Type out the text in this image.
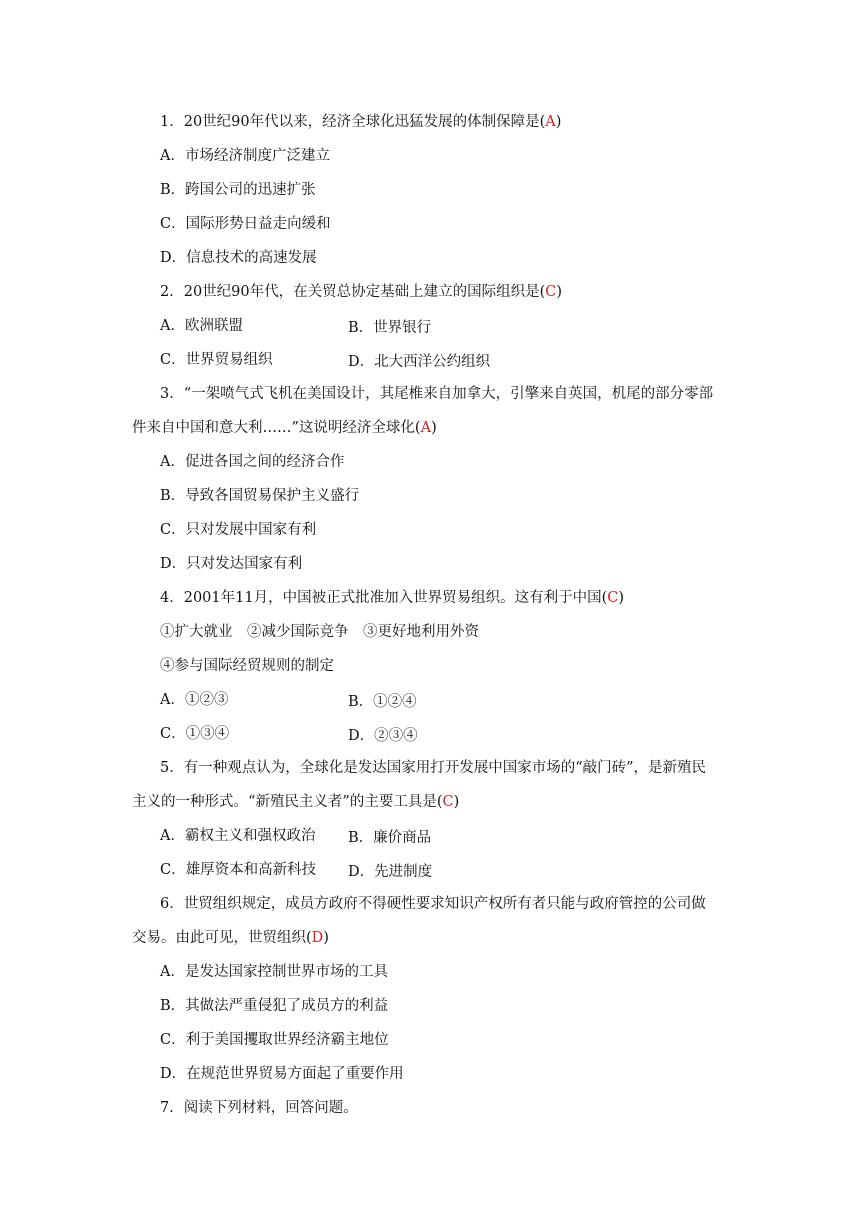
1．20世纪90年代以来，经济全球化迅猛发展的体制保障是(A)
A．市场经济制度广泛建立
B．跨国公司的迅速扩张
C．国际形势日益走向缓和
D．信息技术的高速发展
2．20世纪90年代，在关贸总协定基础上建立的国际组织是(C)
A．欧洲联盟	B．世界银行
C．世界贸易组织	D．北大西洋公约组织
3．“一架喷气式飞机在美国设计，其尾椎来自加拿大，引擎来自英国，机尾的部分零部
件来自中国和意大利……”这说明经济全球化(A)
A．促进各国之间的经济合作
B．导致各国贸易保护主义盛行
C．只对发展中国家有利
D．只对发达国家有利
4．2001年11月，中国被正式批准加入世界贸易组织。这有利于中国(C)
①扩大就业　②减少国际竞争　③更好地利用外资
④参与国际经贸规则的制定
A．①②③	B．①②④
C．①③④	D．②③④
5．有一种观点认为，全球化是发达国家用打开发展中国家市场的“敲门砖”，是新殖民
主义的一种形式。“新殖民主义者”的主要工具是(C)
A．霸权主义和强权政治 B．廉价商品
C．雄厚资本和高新科技 D．先进制度
6．世贸组织规定，成员方政府不得硬性要求知识产权所有者只能与政府管控的公司做
交易。由此可见，世贸组织(D)
A．是发达国家控制世界市场的工具
B．其做法严重侵犯了成员方的利益
C．利于美国攫取世界经济霸主地位
D．在规范世界贸易方面起了重要作用
7．阅读下列材料，回答问题。
